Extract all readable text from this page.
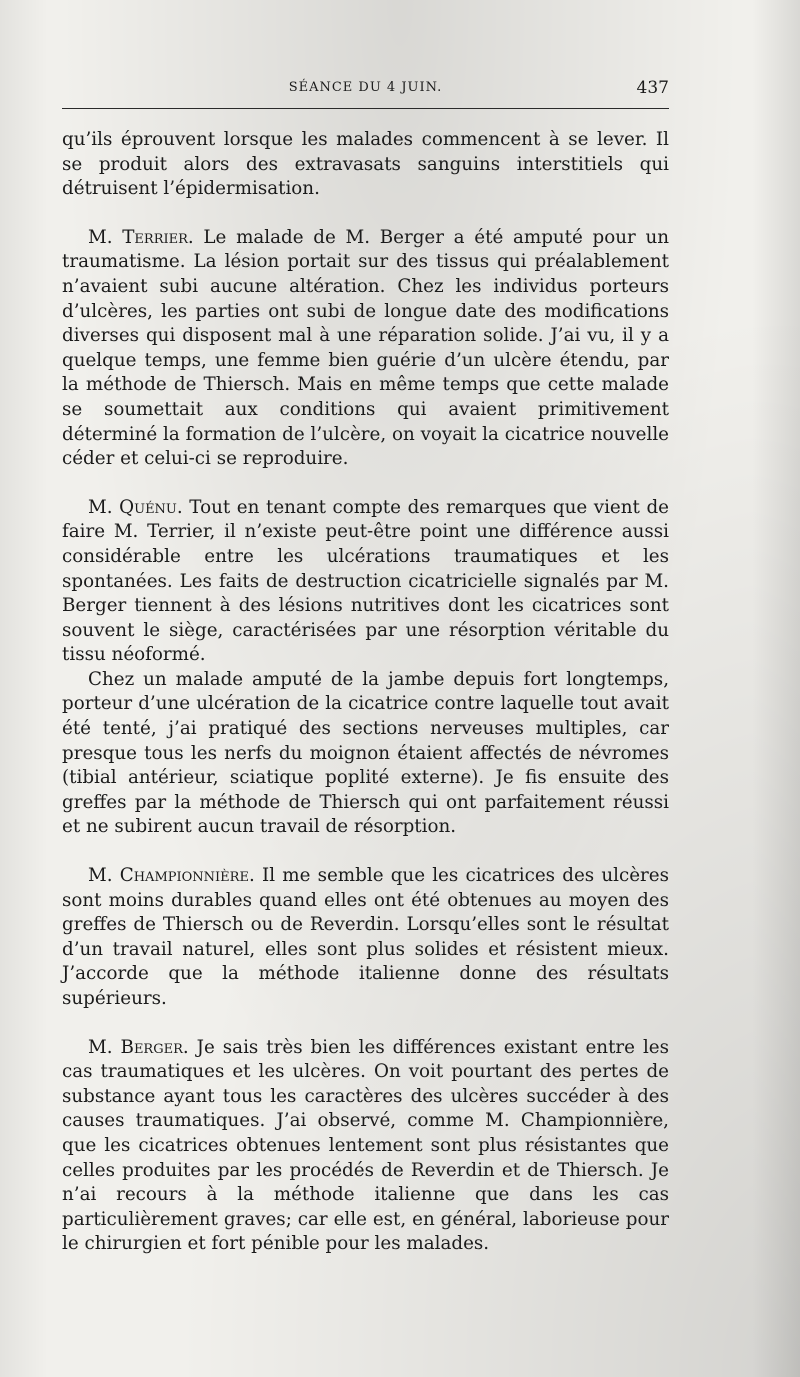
SÉANCE DU 4 JUIN.	437

qu’ils éprouvent lorsque les malades commencent à se lever. Il se produit alors des extravasats sanguins interstitiels qui détruisent l’épidermisation.

M. Terrier. Le malade de M. Berger a été amputé pour un traumatisme. La lésion portait sur des tissus qui préalablement n’avaient subi aucune altération. Chez les individus porteurs d’ulcères, les parties ont subi de longue date des modifications diverses qui disposent mal à une réparation solide. J’ai vu, il y a quelque temps, une femme bien guérie d’un ulcère étendu, par la méthode de Thiersch. Mais en même temps que cette malade se soumettait aux conditions qui avaient primitivement déterminé la formation de l’ulcère, on voyait la cicatrice nouvelle céder et celui-ci se reproduire.

M. Quénu. Tout en tenant compte des remarques que vient de faire M. Terrier, il n’existe peut-être point une différence aussi considérable entre les ulcérations traumatiques et les spontanées. Les faits de destruction cicatricielle signalés par M. Berger tiennent à des lésions nutritives dont les cicatrices sont souvent le siège, caractérisées par une résorption véritable du tissu néoformé.

Chez un malade amputé de la jambe depuis fort longtemps, porteur d’une ulcération de la cicatrice contre laquelle tout avait été tenté, j’ai pratiqué des sections nerveuses multiples, car presque tous les nerfs du moignon étaient affectés de névromes (tibial antérieur, sciatique poplité externe). Je fis ensuite des greffes par la méthode de Thiersch qui ont parfaitement réussi et ne subirent aucun travail de résorption.

M. Championnière. Il me semble que les cicatrices des ulcères sont moins durables quand elles ont été obtenues au moyen des greffes de Thiersch ou de Reverdin. Lorsqu’elles sont le résultat d’un travail naturel, elles sont plus solides et résistent mieux. J’accorde que la méthode italienne donne des résultats supérieurs.

M. Berger. Je sais très bien les différences existant entre les cas traumatiques et les ulcères. On voit pourtant des pertes de substance ayant tous les caractères des ulcères succéder à des causes traumatiques. J’ai observé, comme M. Championnière, que les cicatrices obtenues lentement sont plus résistantes que celles produites par les procédés de Reverdin et de Thiersch. Je n’ai recours à la méthode italienne que dans les cas particulièrement graves; car elle est, en général, laborieuse pour le chirurgien et fort pénible pour les malades.
